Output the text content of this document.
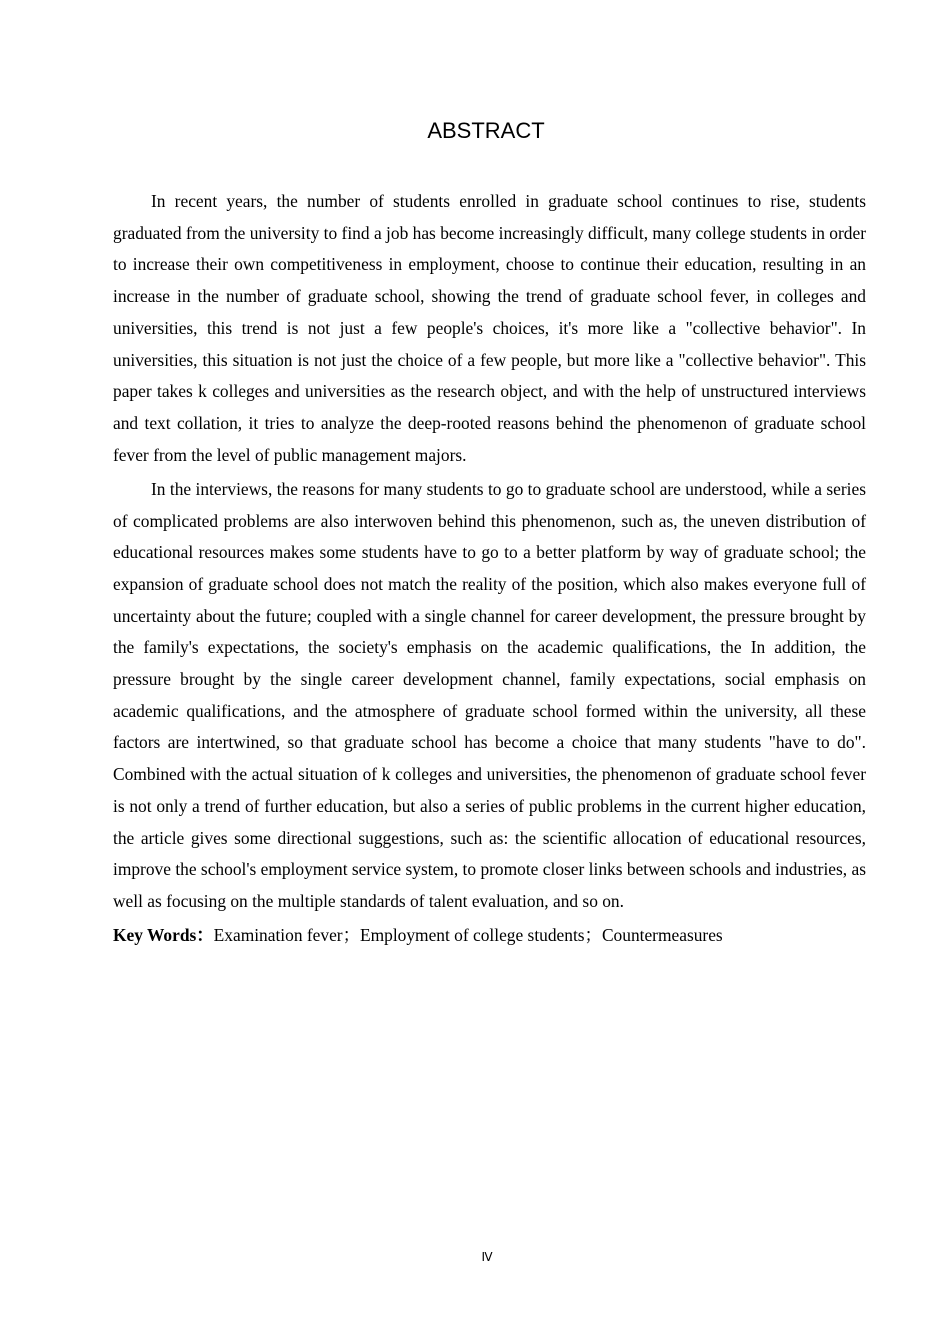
ABSTRACT

In recent years, the number of students enrolled in graduate school continues to rise, students graduated from the university to find a job has become increasingly difficult, many college students in order to increase their own competitiveness in employment, choose to continue their education, resulting in an increase in the number of graduate school, showing the trend of graduate school fever, in colleges and universities, this trend is not just a few people's choices, it's more like a "collective behavior". In universities, this situation is not just the choice of a few people, but more like a "collective behavior". This paper takes k colleges and universities as the research object, and with the help of unstructured interviews and text collation, it tries to analyze the deep-rooted reasons behind the phenomenon of graduate school fever from the level of public management majors.

In the interviews, the reasons for many students to go to graduate school are understood, while a series of complicated problems are also interwoven behind this phenomenon, such as, the uneven distribution of educational resources makes some students have to go to a better platform by way of graduate school; the expansion of graduate school does not match the reality of the position, which also makes everyone full of uncertainty about the future; coupled with a single channel for career development, the pressure brought by the family's expectations, the society's emphasis on the academic qualifications, the In addition, the pressure brought by the single career development channel, family expectations, social emphasis on academic qualifications, and the atmosphere of graduate school formed within the university, all these factors are intertwined, so that graduate school has become a choice that many students "have to do". Combined with the actual situation of k colleges and universities, the phenomenon of graduate school fever is not only a trend of further education, but also a series of public problems in the current higher education, the article gives some directional suggestions, such as: the scientific allocation of educational resources, improve the school's employment service system, to promote closer links between schools and industries, as well as focusing on the multiple standards of talent evaluation, and so on.

Key Words：Examination fever；Employment of college students；Countermeasures

Ⅳ
